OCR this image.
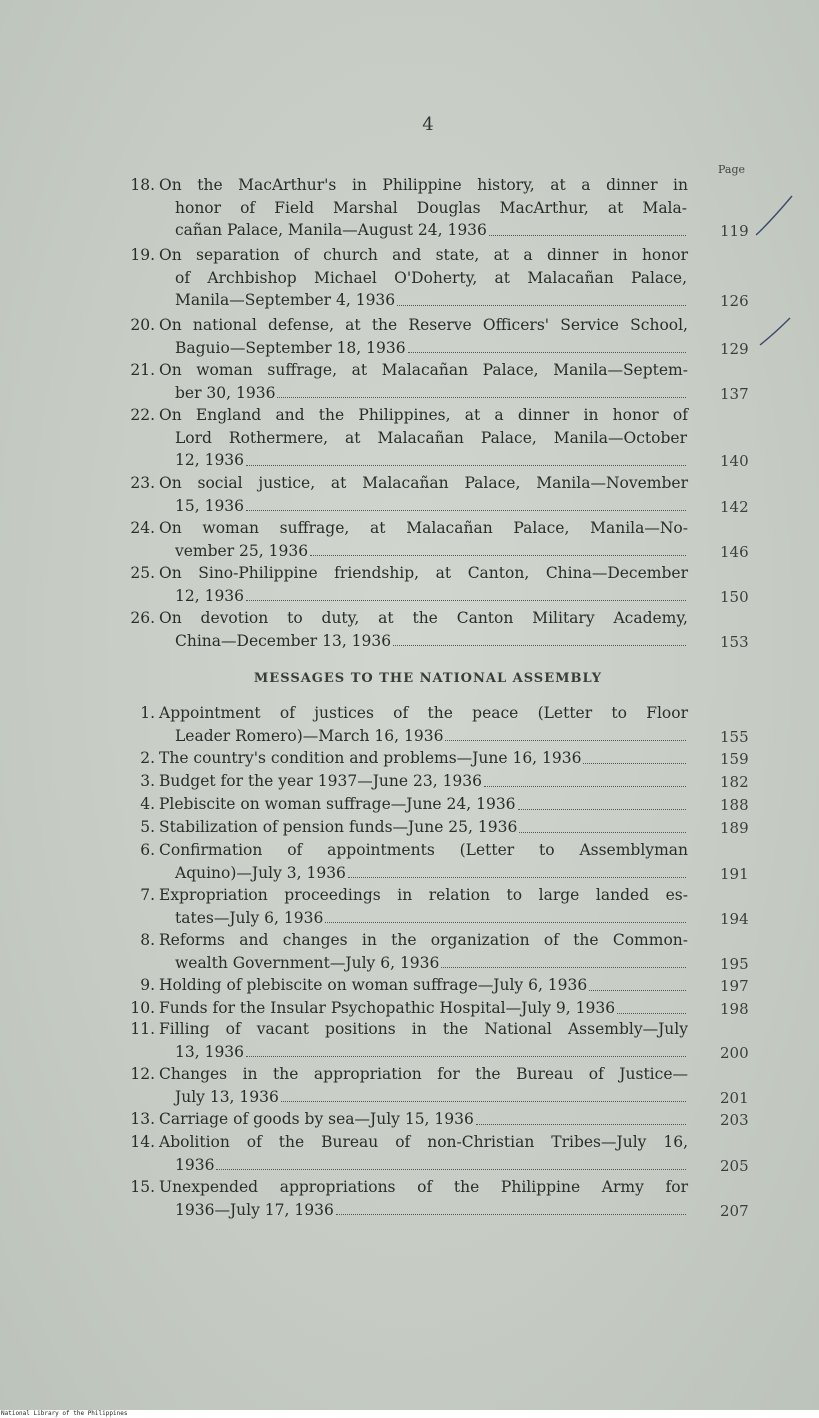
4
Page
18. On the MacArthur's in Philippine history, at a dinner in
honor of Field Marshal Douglas MacArthur, at Mala-
cañan Palace, Manila—August 24, 1936
19. On separation of church and state, at a dinner in honor
of Archbishop Michael O'Doherty, at Malacañan Palace,
Manila—September 4, 1936
20. On national defense, at the Reserve Officers' Service School,
Baguio—September 18, 1936
21. On woman suffrage, at Malacañan Palace, Manila—Septem-
ber 30, 1936
22. On England and the Philippines, at a dinner in honor of
Lord Rothermere, at Malacañan Palace, Manila—October
12, 1936
23. On social justice, at Malacañan Palace, Manila—November
15, 1936
24. On woman suffrage, at Malacañan Palace, Manila—No-
vember 25, 1936
25. On Sino-Philippine friendship, at Canton, China—December
12, 1936
26. On devotion to duty, at the Canton Military Academy,
China—December 13, 1936
MESSAGES TO THE NATIONAL ASSEMBLY
1. Appointment of justices of the peace (Letter to Floor
Leader Romero)—March 16, 1936
2. The country's condition and problems—June 16, 1936
3. Budget for the year 1937—June 23, 1936
4. Plebiscite on woman suffrage—June 24, 1936
5. Stabilization of pension funds—June 25, 1936
6. Confirmation of appointments (Letter to Assemblyman
Aquino)—July 3, 1936
7. Expropriation proceedings in relation to large landed es-
tates—July 6, 1936
8. Reforms and changes in the organization of the Common-
wealth Government—July 6, 1936
9. Holding of plebiscite on woman suffrage—July 6, 1936
10. Funds for the Insular Psychopathic Hospital—July 9, 1936
11. Filling of vacant positions in the National Assembly—July
13, 1936
12. Changes in the appropriation for the Bureau of Justice—
July 13, 1936
13. Carriage of goods by sea—July 15, 1936
14. Abolition of the Bureau of non-Christian Tribes—July 16,
1936
15. Unexpended appropriations of the Philippine Army for
1936—July 17, 1936
119
126
129
137
140
142
146
150
153
155
159
182
188
189
191
194
195
197
198
200
201
203
205
207
National Library of the Philippines
